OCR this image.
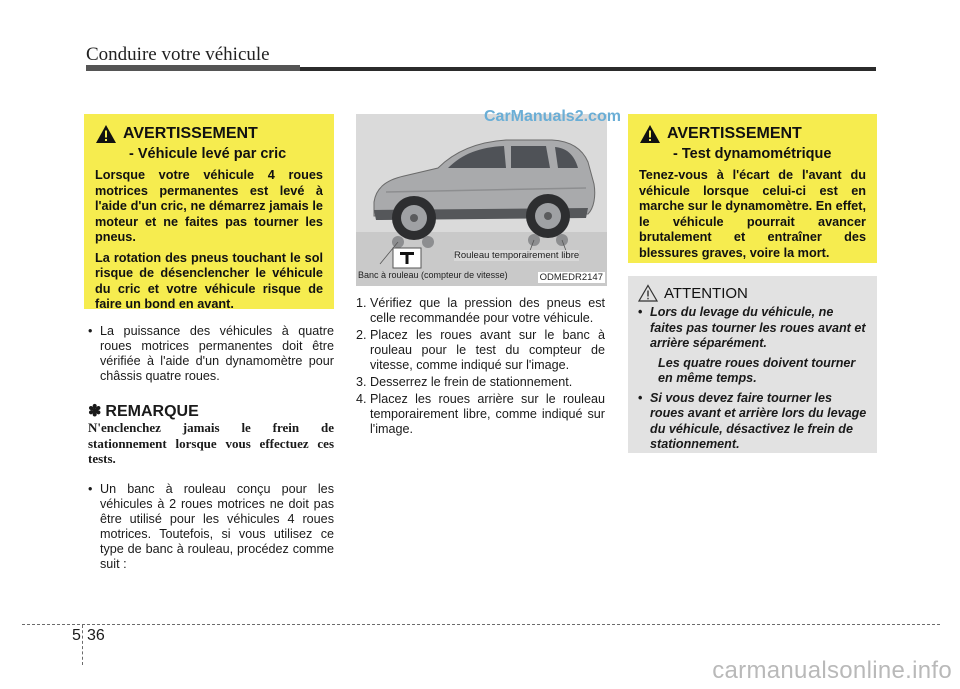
Conduire votre véhicule
AVERTISSEMENT
- Véhicule levé par cric

Lorsque votre véhicule 4 roues motrices permanentes est levé à l'aide d'un cric, ne démarrez jamais le moteur et ne faites pas tourner les pneus.

La rotation des pneus touchant le sol risque de désenclencher le véhicule du cric et votre véhicule risque de faire un bond en avant.

• La puissance des véhicules à quatre roues motrices permanentes doit être vérifiée à l'aide d'un dynamomètre pour châssis quatre roues.
✽ REMARQUE
N'enclenchez jamais le frein de stationnement lorsque vous effectuez ces tests.
• Un banc à rouleau conçu pour les véhicules à 2 roues motrices ne doit pas être utilisé pour les véhicules 4 roues motrices. Toutefois, si vous utilisez ce type de banc à rouleau, procédez comme suit :
Rouleau temporairement libre
Banc à rouleau (compteur de vitesse)	ODMEDR2147
CarManuals2.com
1. Vérifiez que la pression des pneus est celle recommandée pour votre véhicule.
2. Placez les roues avant sur le banc à rouleau pour le test du compteur de vitesse, comme indiqué sur l'image.
3. Desserrez le frein de stationnement.
4. Placez les roues arrière sur le rouleau temporairement libre, comme indiqué sur l'image.
AVERTISSEMENT
- Test dynamométrique

Tenez-vous à l'écart de l'avant du véhicule lorsque celui-ci est en marche sur le dynamomètre. En effet, le véhicule pourrait avancer brutalement et entraîner des blessures graves, voire la mort.

ATTENTION
• Lors du levage du véhicule, ne faites pas tourner les roues avant et arrière séparément.
Les quatre roues doivent tourner en même temps.
• Si vous devez faire tourner les roues avant et arrière lors du levage du véhicule, désactivez le frein de stationnement.
5 36
carmanualsonline.info
